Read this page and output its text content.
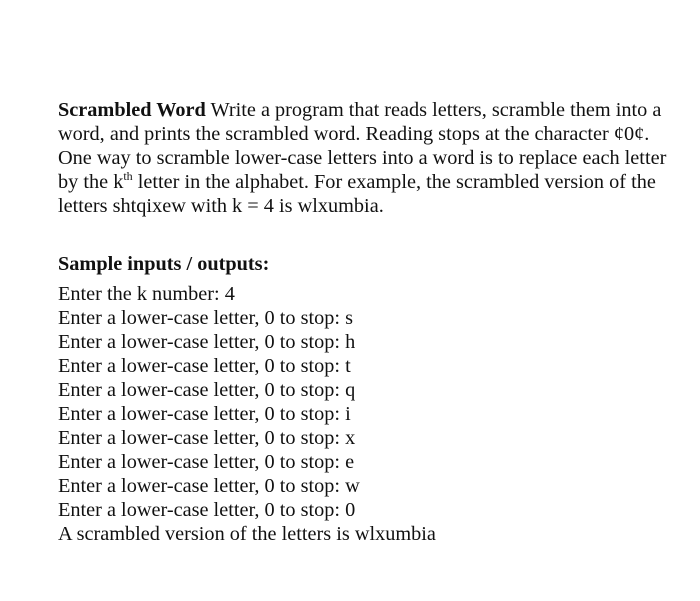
Scrambled Word Write a program that reads letters, scramble them into a word, and prints the scrambled word. Reading stops at the character ¢0¢. One way to scramble lower-case letters into a word is to replace each letter by the $k^{th}$ letter in the alphabet. For example, the scrambled version of the letters shtqixew with k = 4 is wlxumbia.

Sample inputs / outputs:
Enter the k number: 4
Enter a lower-case letter, 0 to stop: s
Enter a lower-case letter, 0 to stop: h
Enter a lower-case letter, 0 to stop: t
Enter a lower-case letter, 0 to stop: q
Enter a lower-case letter, 0 to stop: i
Enter a lower-case letter, 0 to stop: x
Enter a lower-case letter, 0 to stop: e
Enter a lower-case letter, 0 to stop: w
Enter a lower-case letter, 0 to stop: 0
A scrambled version of the letters is wlxumbia
